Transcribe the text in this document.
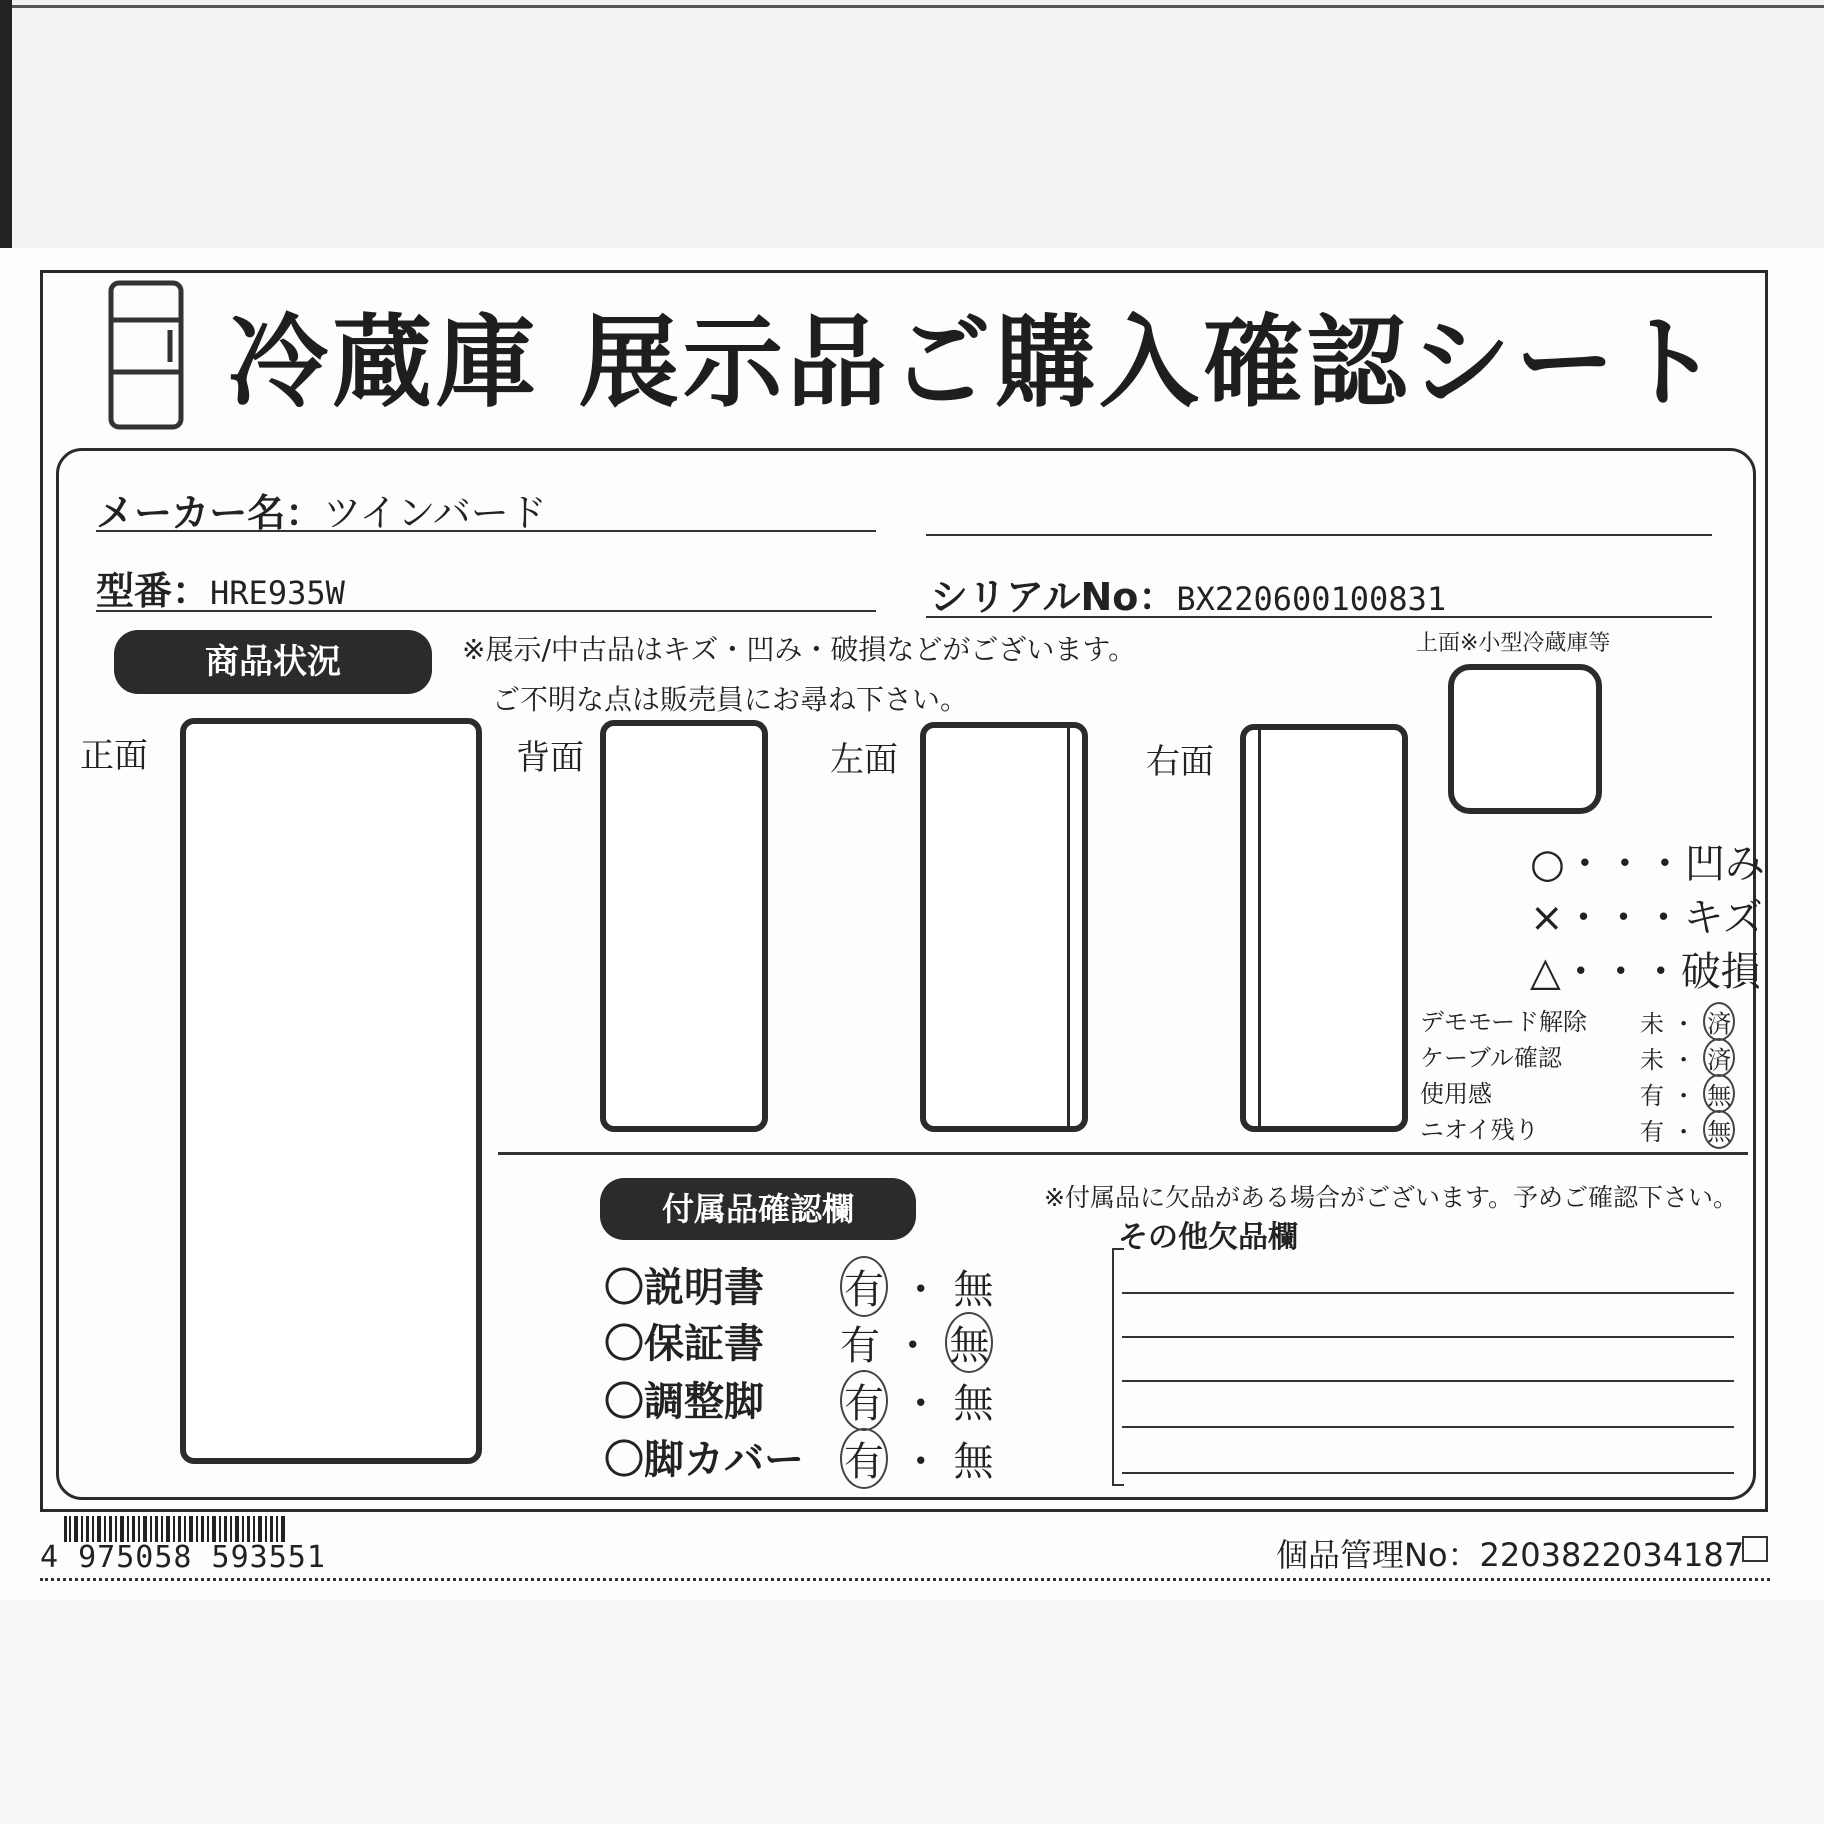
冷蔵庫 展示品ご購入確認シート
メーカー名：ツインバード
型番：HRE935W	シリアルNo：BX220600100831
商品状況	※展示/中古品はキズ・凹み・破損などがございます。
ご不明な点は販売員にお尋ね下さい。
正面	背面	左面	右面
上面※小型冷蔵庫等
○・・・凹み
×・・・キズ
△・・・破損
デモモード解除 未 ・ 済
ケーブル確認	未 ・ 済
使用感	有 ・ 無
ニオイ残り	有 ・ 無
付属品確認欄	※付属品に欠品がある場合がございます。予めご確認下さい。
その他欠品欄
〇説明書 有 ・ 無
〇保証書 有 ・ 無
〇調整脚 有 ・ 無
〇脚カバー 有 ・ 無
4 975058 593551	個品管理No：2203822034187
